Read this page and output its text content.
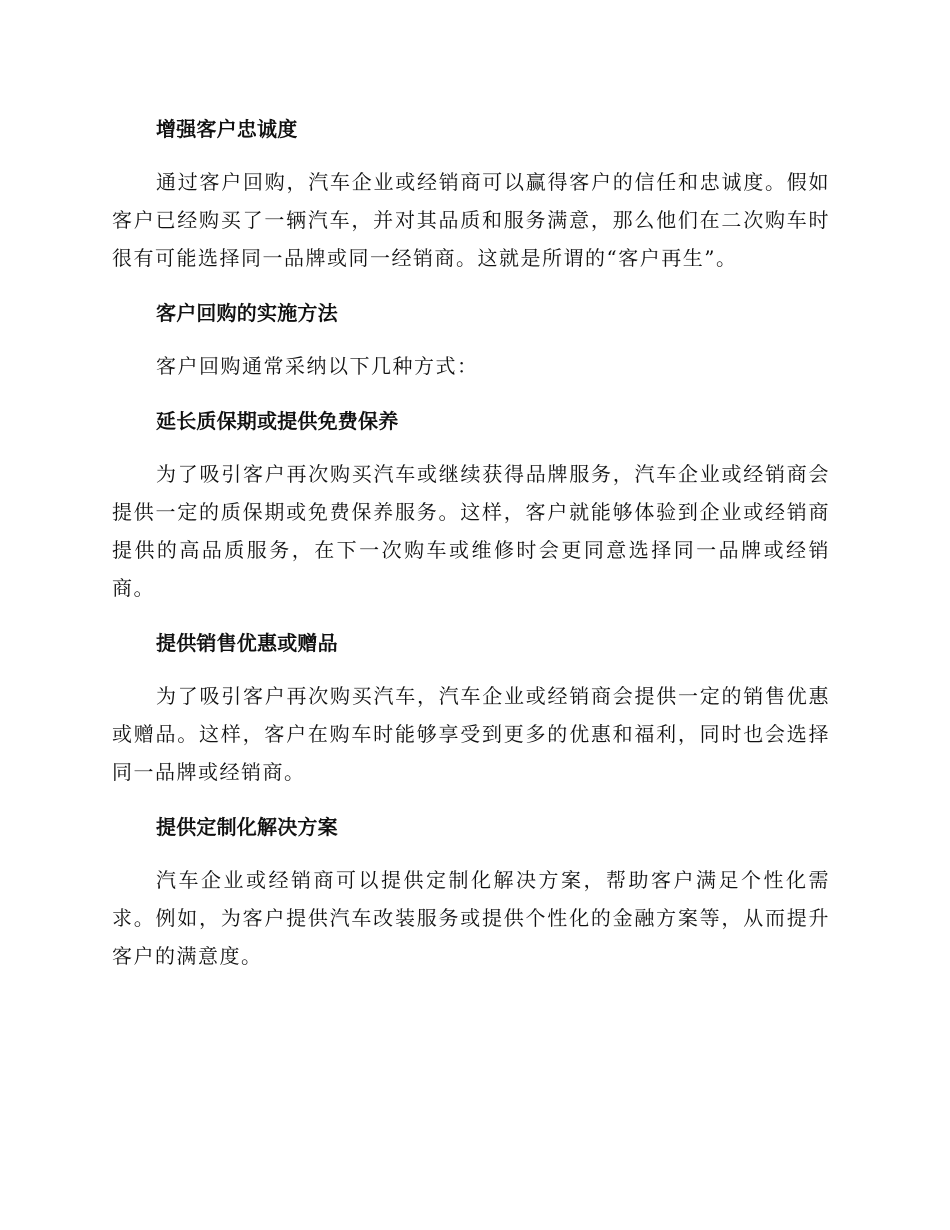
增强客户忠诚度

通过客户回购，汽车企业或经销商可以赢得客户的信任和忠诚度。假如客户已经购买了一辆汽车，并对其品质和服务满意，那么他们在二次购车时很有可能选择同一品牌或同一经销商。这就是所谓的“客户再生”。

客户回购的实施方法

客户回购通常采纳以下几种方式：

延长质保期或提供免费保养

为了吸引客户再次购买汽车或继续获得品牌服务，汽车企业或经销商会提供一定的质保期或免费保养服务。这样，客户就能够体验到企业或经销商提供的高品质服务，在下一次购车或维修时会更同意选择同一品牌或经销商。

提供销售优惠或赠品

为了吸引客户再次购买汽车，汽车企业或经销商会提供一定的销售优惠或赠品。这样，客户在购车时能够享受到更多的优惠和福利，同时也会选择同一品牌或经销商。

提供定制化解决方案

汽车企业或经销商可以提供定制化解决方案，帮助客户满足个性化需求。例如，为客户提供汽车改装服务或提供个性化的金融方案等，从而提升客户的满意度。
